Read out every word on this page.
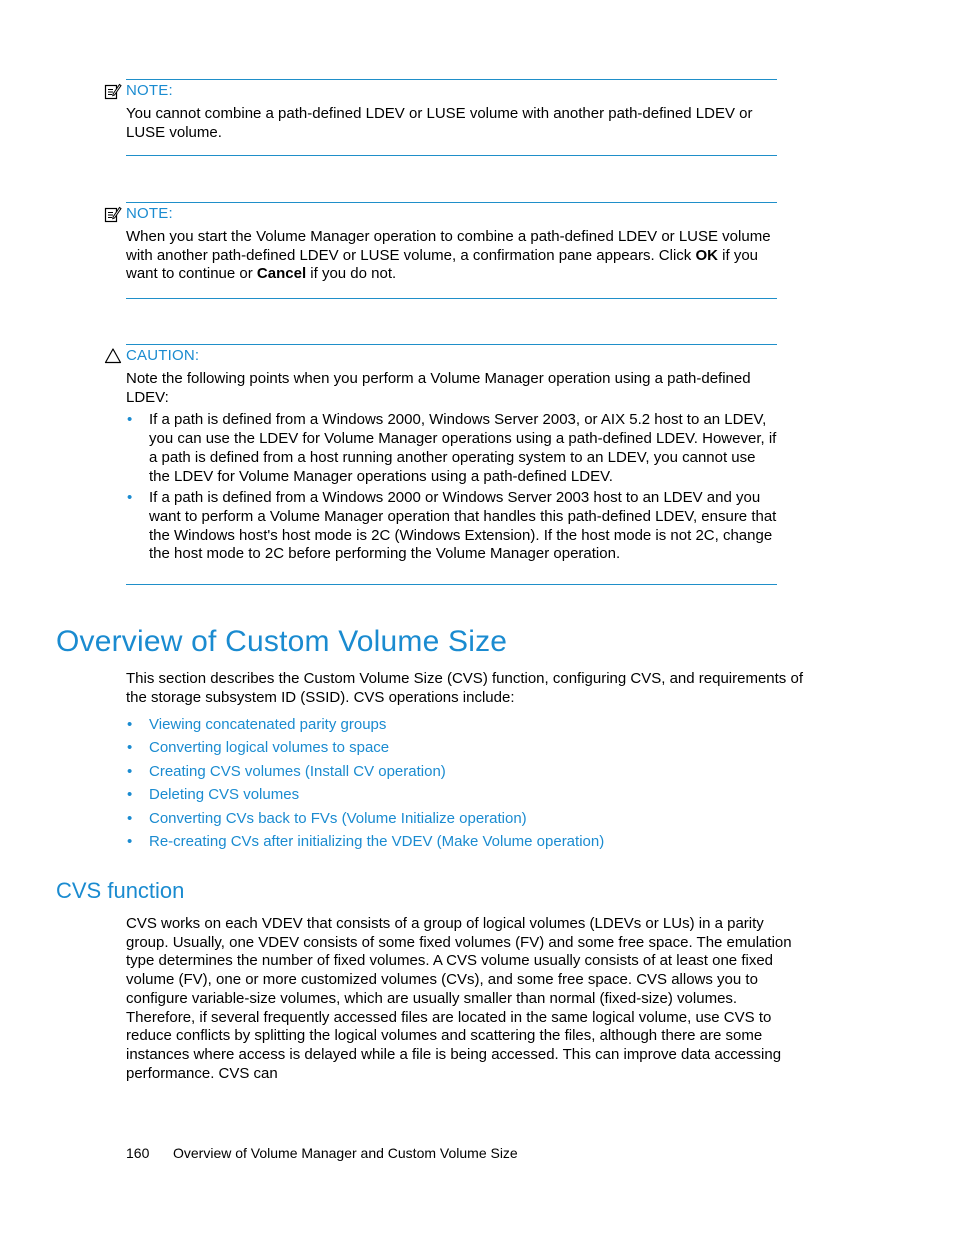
NOTE:
You cannot combine a path-defined LDEV or LUSE volume with another path-defined LDEV or LUSE volume.
NOTE:
When you start the Volume Manager operation to combine a path-defined LDEV or LUSE volume with another path-defined LDEV or LUSE volume, a confirmation pane appears. Click OK if you want to continue or Cancel if you do not.
CAUTION:
Note the following points when you perform a Volume Manager operation using a path-defined LDEV:
• If a path is defined from a Windows 2000, Windows Server 2003, or AIX 5.2 host to an LDEV, you can use the LDEV for Volume Manager operations using a path-defined LDEV. However, if a path is defined from a host running another operating system to an LDEV, you cannot use the LDEV for Volume Manager operations using a path-defined LDEV.
• If a path is defined from a Windows 2000 or Windows Server 2003 host to an LDEV and you want to perform a Volume Manager operation that handles this path-defined LDEV, ensure that the Windows host's host mode is 2C (Windows Extension). If the host mode is not 2C, change the host mode to 2C before performing the Volume Manager operation.
Overview of Custom Volume Size

This section describes the Custom Volume Size (CVS) function, configuring CVS, and requirements of the storage subsystem ID (SSID). CVS operations include:

• Viewing concatenated parity groups
• Converting logical volumes to space
• Creating CVS volumes (Install CV operation)
• Deleting CVS volumes
• Converting CVs back to FVs (Volume Initialize operation)
• Re-creating CVs after initializing the VDEV (Make Volume operation)
CVS function

CVS works on each VDEV that consists of a group of logical volumes (LDEVs or LUs) in a parity group. Usually, one VDEV consists of some fixed volumes (FV) and some free space. The emulation type determines the number of fixed volumes. A CVS volume usually consists of at least one fixed volume (FV), one or more customized volumes (CVs), and some free space. CVS allows you to configure variable-size volumes, which are usually smaller than normal (fixed-size) volumes. Therefore, if several frequently accessed files are located in the same logical volume, use CVS to reduce conflicts by splitting the logical volumes and scattering the files, although there are some instances where access is delayed while a file is being accessed. This can improve data accessing performance. CVS can

160 Overview of Volume Manager and Custom Volume Size
